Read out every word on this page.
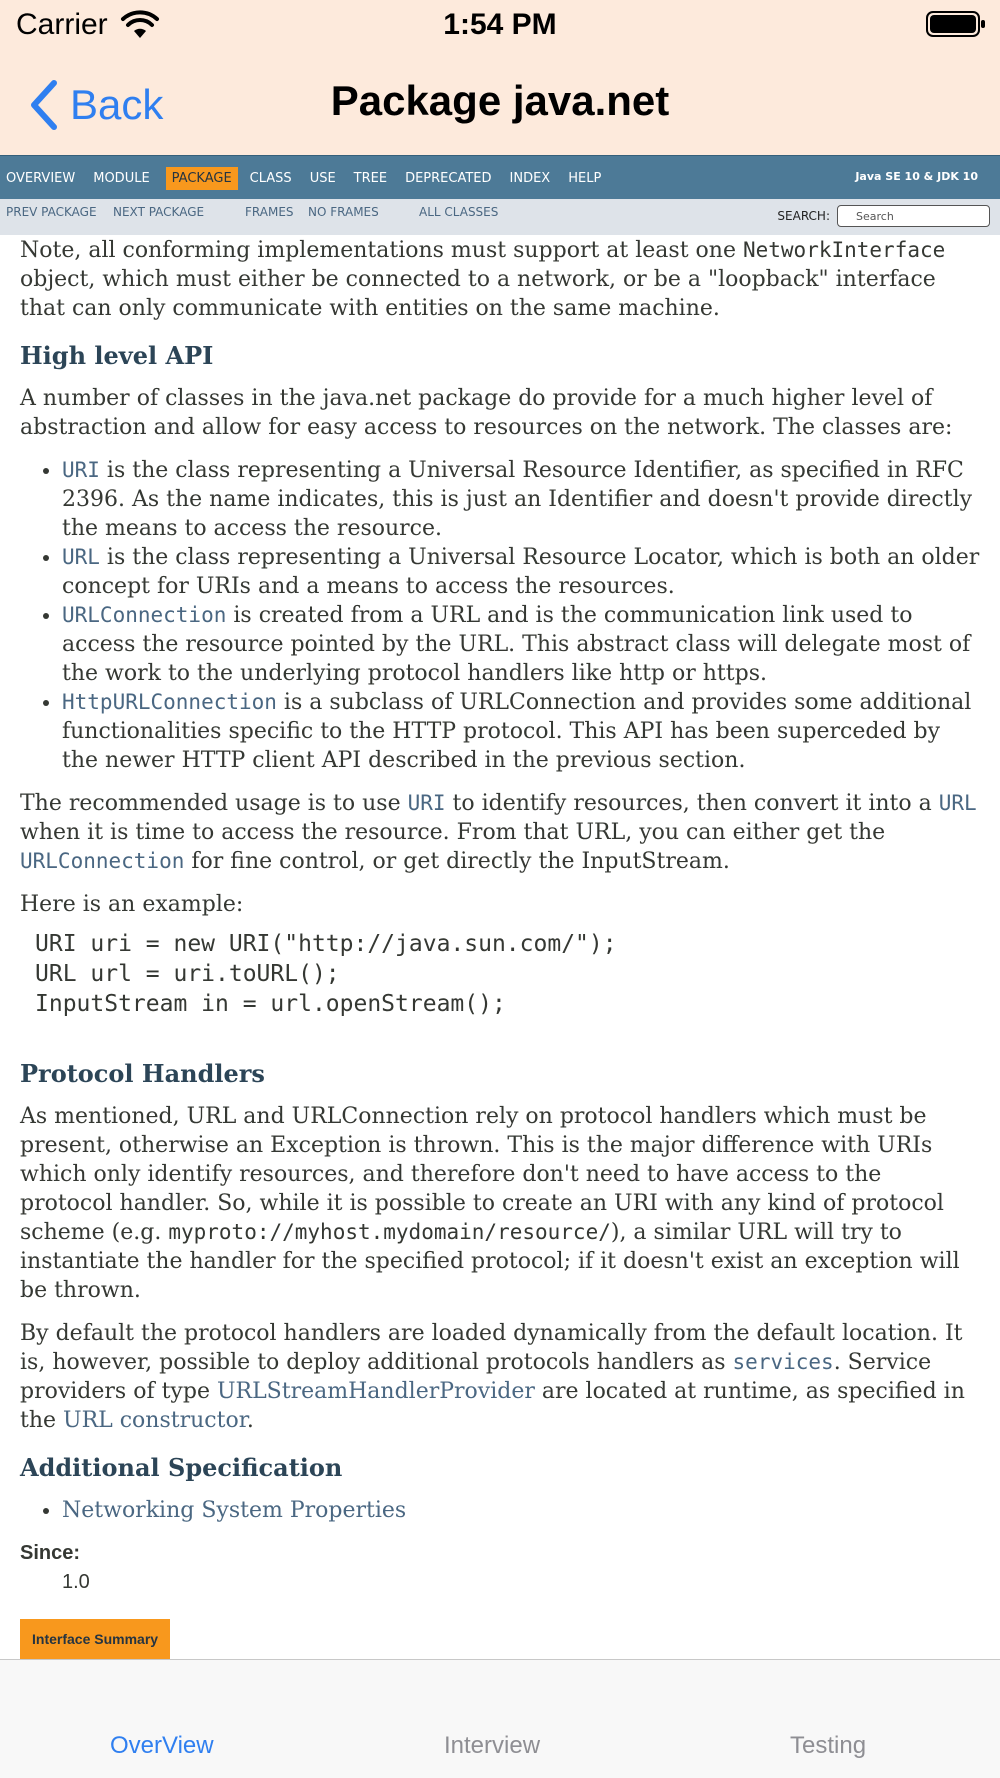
Carrier	1:54 PM
Back	Package java.net
OVERVIEW	MODULE	PACKAGE	CLASS	USE	TREE	DEPRECATED	INDEX	HELP	Java SE 10 & JDK 10
PREV PACKAGE NEXT PACKAGE	FRAMES NO FRAMES	ALL CLASSES	SEARCH:
Search

Note, all conforming implementations must support at least one NetworkInterface object, which must either be connected to a network, or be a "loopback" interface that can only communicate with entities on the same machine.

High level API

A number of classes in the java.net package do provide for a much higher level of abstraction and allow for easy access to resources on the network. The classes are:

• URI is the class representing a Universal Resource Identifier, as specified in RFC 2396. As the name indicates, this is just an Identifier and doesn't provide directly the means to access the resource.
• URL is the class representing a Universal Resource Locator, which is both an older concept for URIs and a means to access the resources.
• URLConnection is created from a URL and is the communication link used to access the resource pointed by the URL. This abstract class will delegate most of the work to the underlying protocol handlers like http or https.
• HttpURLConnection is a subclass of URLConnection and provides some additional functionalities specific to the HTTP protocol. This API has been superceded by the newer HTTP client API described in the previous section.

The recommended usage is to use URI to identify resources, then convert it into a URL when it is time to access the resource. From that URL, you can either get the URLConnection for fine control, or get directly the InputStream.

Here is an example:

URI uri = new URI("http://java.sun.com/");
URL url = uri.toURL();
InputStream in = url.openStream();
Protocol Handlers

As mentioned, URL and URLConnection rely on protocol handlers which must be present, otherwise an Exception is thrown. This is the major difference with URIs which only identify resources, and therefore don't need to have access to the protocol handler. So, while it is possible to create an URI with any kind of protocol scheme (e.g. myproto://myhost.mydomain/resource/), a similar URL will try to instantiate the handler for the specified protocol; if it doesn't exist an exception will be thrown.

By default the protocol handlers are loaded dynamically from the default location. It is, however, possible to deploy additional protocols handlers as services. Service providers of type URLStreamHandlerProvider are located at runtime, as specified in the URL constructor.

Additional Specification
• Networking System Properties
Since:
1.0
Interface Summary
OverView	Interview	Testing
